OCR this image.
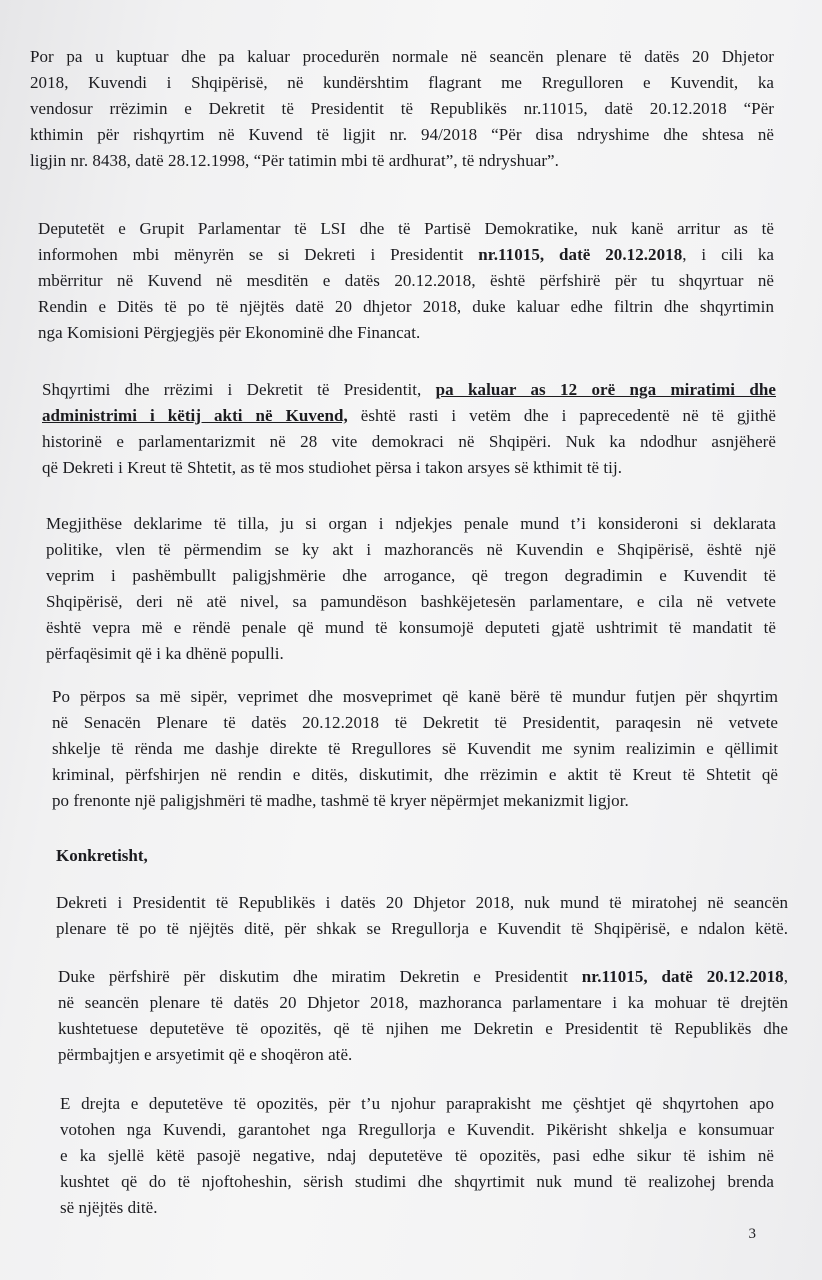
Por pa u kuptuar dhe pa kaluar procedurën normale në seancën plenare të datës 20 Dhjetor
2018, Kuvendi i Shqipërisë, në kundërshtim flagrant me Rregulloren e Kuvendit, ka
vendosur rrëzimin e Dekretit të Presidentit të Republikës nr.11015, datë 20.12.2018 “Për
kthimin për rishqyrtim në Kuvend të ligjit nr. 94/2018 “Për disa ndryshime dhe shtesa në
ligjin nr. 8438, datë 28.12.1998, “Për tatimin mbi të ardhurat”, të ndryshuar”.
Deputetët e Grupit Parlamentar të LSI dhe të Partisë Demokratike, nuk kanë arritur as të
informohen mbi mënyrën se si Dekreti i Presidentit nr.11015, datë 20.12.2018, i cili ka
mbërritur në Kuvend në mesditën e datës 20.12.2018, është përfshirë për tu shqyrtuar në
Rendin e Ditës të po të njëjtës datë 20 dhjetor 2018, duke kaluar edhe filtrin dhe shqyrtimin
nga Komisioni Përgjegjës për Ekonominë dhe Financat.
Shqyrtimi dhe rrëzimi i Dekretit të Presidentit, pa kaluar as 12 orë nga miratimi dhe
administrimi i këtij akti në Kuvend, është rasti i vetëm dhe i paprecedentë në të gjithë
historinë e parlamentarizmit në 28 vite demokraci në Shqipëri. Nuk ka ndodhur asnjëherë
që Dekreti i Kreut të Shtetit, as të mos studiohet përsa i takon arsyes së kthimit të tij.
Megjithëse deklarime të tilla, ju si organ i ndjekjes penale mund t’i konsideroni si deklarata
politike, vlen të përmendim se ky akt i mazhorancës në Kuvendin e Shqipërisë, është një
veprim i pashëmbullt paligjshmërie dhe arrogance, që tregon degradimin e Kuvendit të
Shqipërisë, deri në atë nivel, sa pamundëson bashkëjetesën parlamentare, e cila në vetvete
është vepra më e rëndë penale që mund të konsumojë deputeti gjatë ushtrimit të mandatit të
përfaqësimit që i ka dhënë populli.
Po përpos sa më sipër, veprimet dhe mosveprimet që kanë bërë të mundur futjen për shqyrtim
në Senacën Plenare të datës 20.12.2018 të Dekretit të Presidentit, paraqesin në vetvete
shkelje të rënda me dashje direkte të Rregullores së Kuvendit me synim realizimin e qëllimit
kriminal, përfshirjen në rendin e ditës, diskutimit, dhe rrëzimin e aktit të Kreut të Shtetit që
po frenonte një paligjshmëri të madhe, tashmë të kryer nëpërmjet mekanizmit ligjor.

Konkretisht,

Dekreti i Presidentit të Republikës i datës 20 Dhjetor 2018, nuk mund të miratohej në seancën
plenare të po të njëjtës ditë, për shkak se Rregullorja e Kuvendit të Shqipërisë, e ndalon këtë.
Duke përfshirë për diskutim dhe miratim Dekretin e Presidentit nr.11015, datë 20.12.2018,
në seancën plenare të datës 20 Dhjetor 2018, mazhoranca parlamentare i ka mohuar të drejtën
kushtetuese deputetëve të opozitës, që të njihen me Dekretin e Presidentit të Republikës dhe
përmbajtjen e arsyetimit që e shoqëron atë.
E drejta e deputetëve të opozitës, për t’u njohur paraprakisht me çështjet që shqyrtohen apo
votohen nga Kuvendi, garantohet nga Rregullorja e Kuvendit. Pikërisht shkelja e konsumuar
e ka sjellë këtë pasojë negative, ndaj deputetëve të opozitës, pasi edhe sikur të ishim në
kushtet që do të njoftoheshin, sërish studimi dhe shqyrtimit nuk mund të realizohej brenda
së njëjtës ditë.

3
